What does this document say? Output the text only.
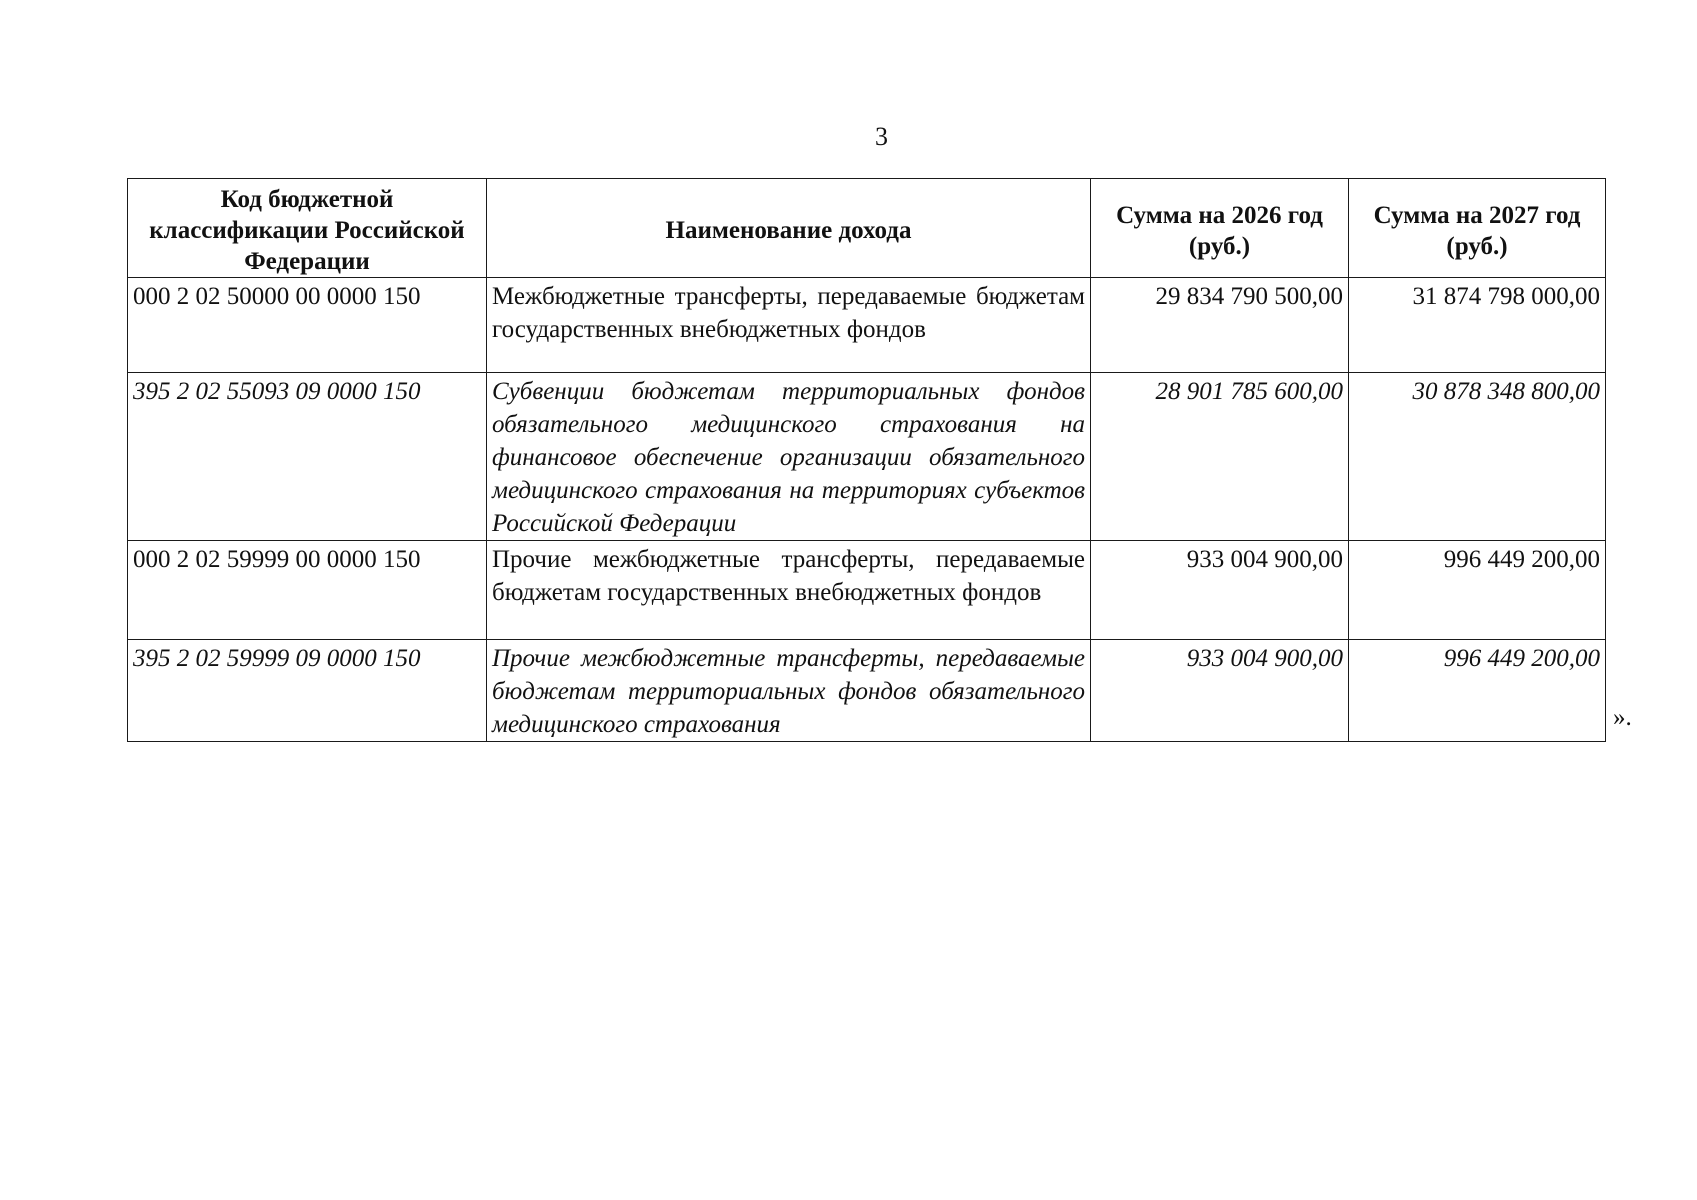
3
Код бюджетной классификации Российской Федерации	Наименование дохода	Сумма на 2026 год (руб.)	Сумма на 2027 год (руб.)
000 2 02 50000 00 0000 150	Межбюджетные трансферты, передаваемые бюджетам государственных внебюджетных фондов	29 834 790 500,00	31 874 798 000,00
395 2 02 55093 09 0000 150	Субвенции бюджетам территориальных фондов обязательного медицинского страхования на финансовое обеспечение организации обязательного медицинского страхования на территориях субъектов Российской Федерации	28 901 785 600,00	30 878 348 800,00
000 2 02 59999 00 0000 150	Прочие межбюджетные трансферты, передаваемые бюджетам государственных внебюджетных фондов	933 004 900,00	996 449 200,00
395 2 02 59999 09 0000 150	Прочие межбюджетные трансферты, передаваемые бюджетам территориальных фондов обязательного медицинского страхования	933 004 900,00	996 449 200,00
».
